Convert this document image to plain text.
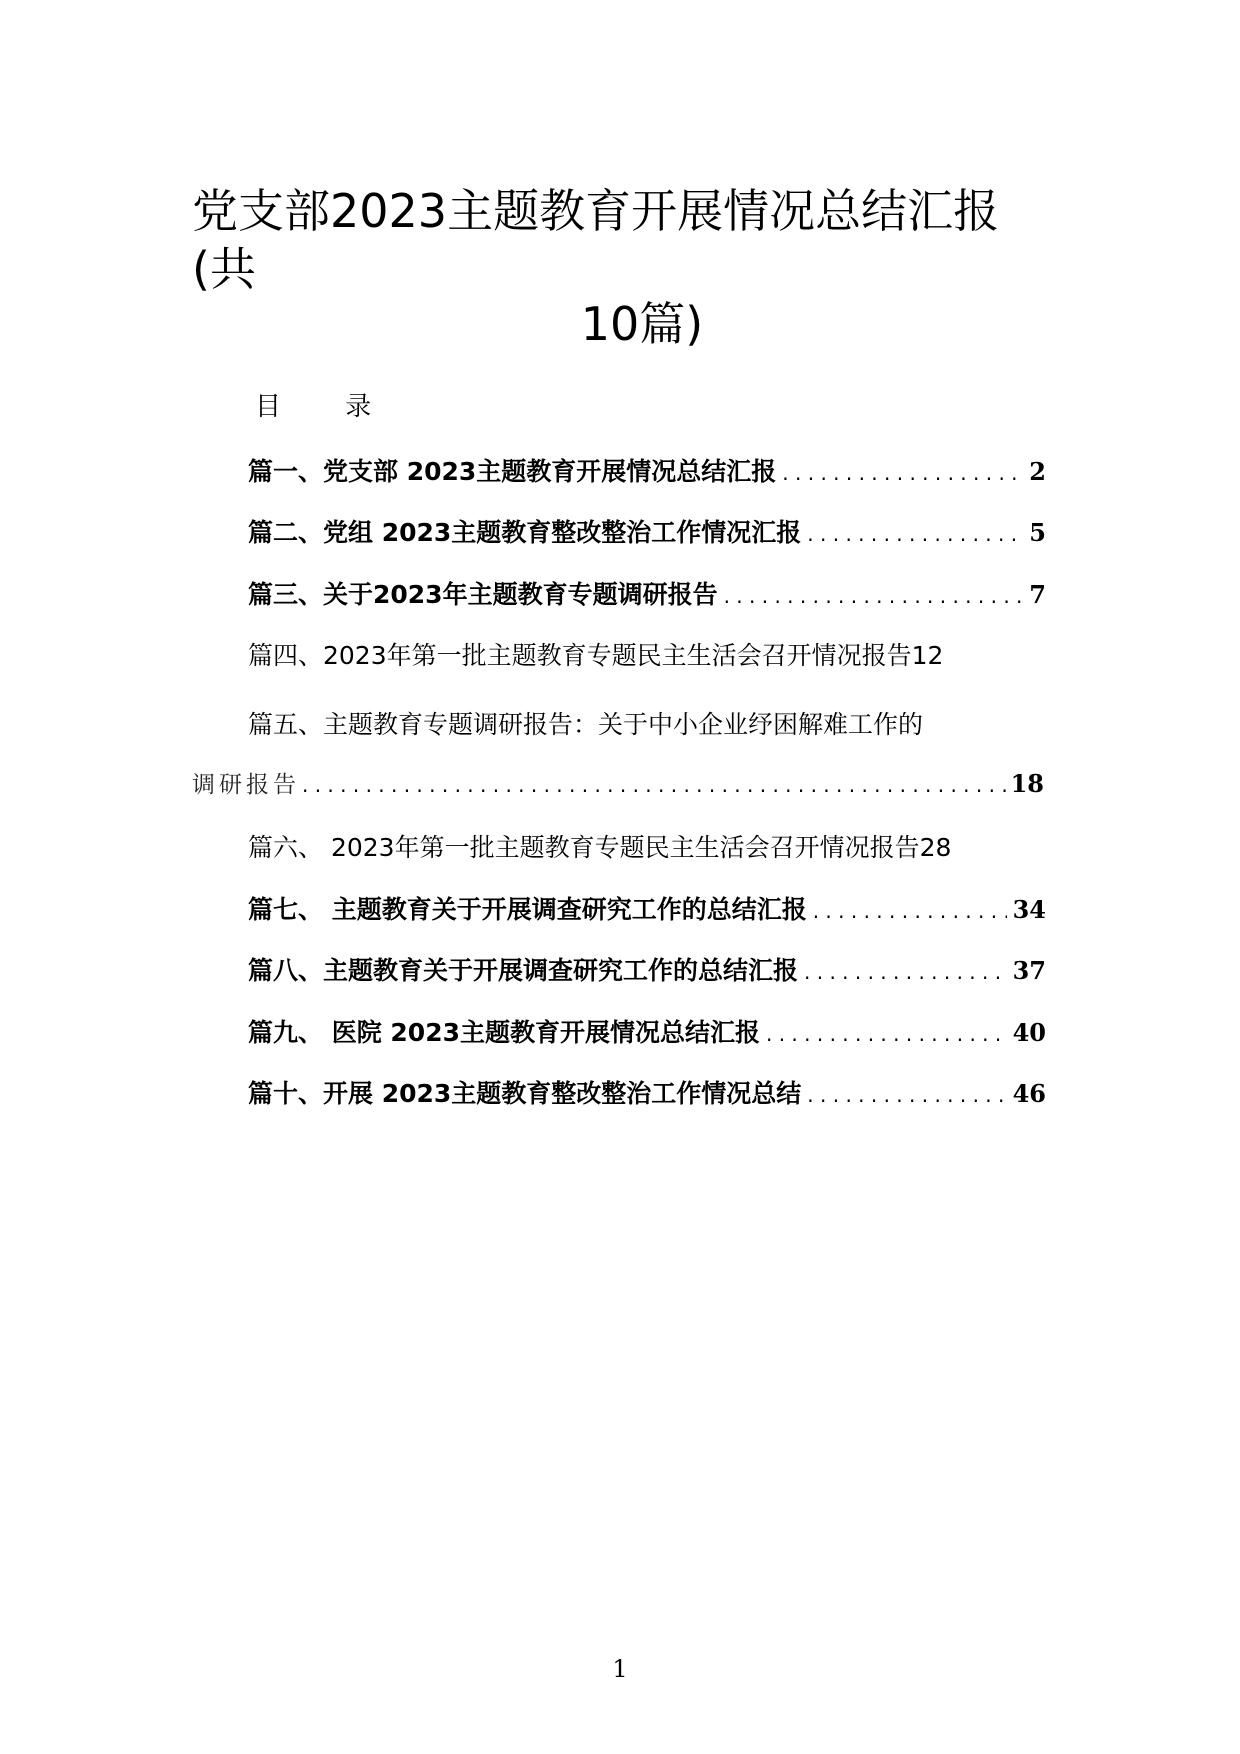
党支部2023主题教育开展情况总结汇报(共
10篇)
目 录
篇一、党支部 2023主题教育开展情况总结汇报 . . .	2
篇二、党组 2023主题教育整改整治工作情况汇报 . . .	5
篇三、关于2023年主题教育专题调研报告 . . .	7
篇四、2023年第一批主题教育专题民主生活会召开情况报告 12
篇五、主题教育专题调研报告：关于中小企业纾困解难工作的
调研报告 . . .	18
篇六、 2023年第一批主题教育专题民主生活会召开情况报告 28
篇七、 主题教育关于开展调查研究工作的总结汇报 . . .	34
篇八、主题教育关于开展调查研究工作的总结汇报 . . .	37
篇九、 医院 2023主题教育开展情况总结汇报 . . .	40
篇十、开展 2023主题教育整改整治工作情况总结 . . .	46
1
